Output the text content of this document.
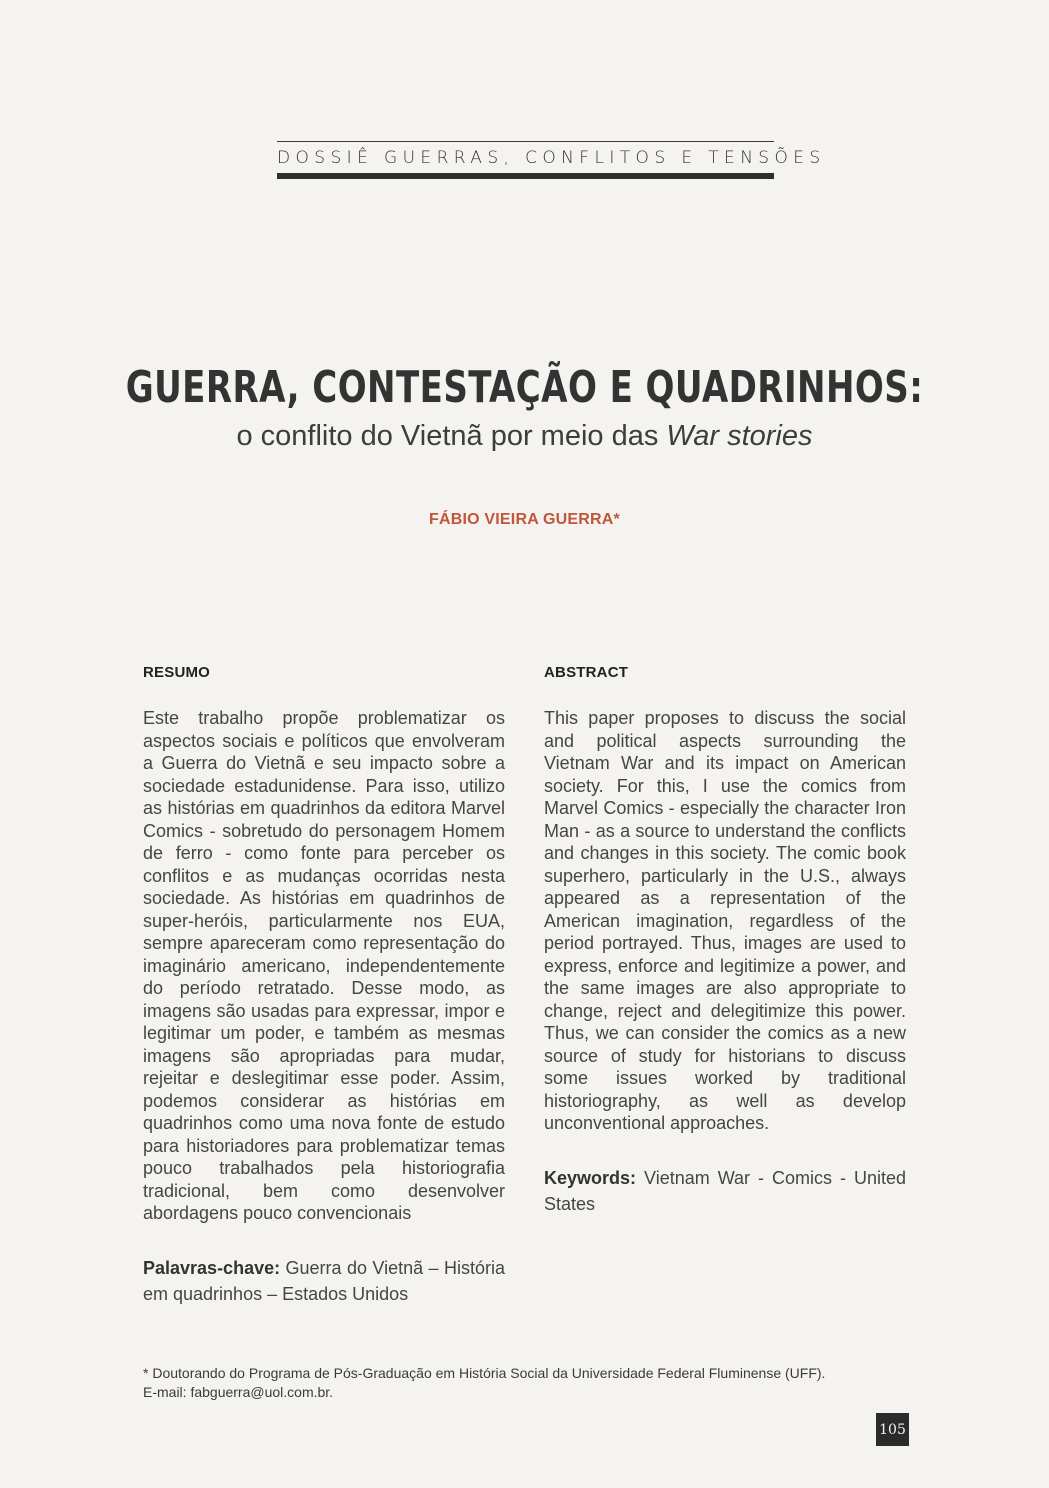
DOSSIÊ GUERRAS, CONFLITOS E TENSÕES
GUERRA, CONTESTAÇÃO E QUADRINHOS:
o conflito do Vietnã por meio das War stories
FÁBIO VIEIRA GUERRA*
RESUMO
Este trabalho propõe problematizar os aspectos sociais e políticos que envolveram a Guerra do Vietnã e seu impacto sobre a sociedade estadunidense. Para isso, utilizo as histórias em quadrinhos da editora Marvel Comics - sobretudo do personagem Homem de ferro - como fonte para perceber os conflitos e as mudanças ocorridas nesta sociedade. As histórias em quadrinhos de super-heróis, particularmente nos EUA, sempre apareceram como representação do imaginário americano, independentemente do período retratado. Desse modo, as imagens são usadas para expressar, impor e legitimar um poder, e também as mesmas imagens são apropriadas para mudar, rejeitar e deslegitimar esse poder. Assim, podemos considerar as histórias em quadrinhos como uma nova fonte de estudo para historiadores para problematizar temas pouco trabalhados pela historiografia tradicional, bem como desenvolver abordagens pouco convencionais
Palavras-chave: Guerra do Vietnã – História em quadrinhos – Estados Unidos
ABSTRACT
This paper proposes to discuss the social and political aspects surrounding the Vietnam War and its impact on American society. For this, I use the comics from Marvel Comics - especially the character Iron Man - as a source to understand the conflicts and changes in this society. The comic book superhero, particularly in the U.S., always appeared as a representation of the American imagination, regardless of the period portrayed. Thus, images are used to express, enforce and legitimize a power, and the same images are also appropriate to change, reject and delegitimize this power. Thus, we can consider the comics as a new source of study for historians to discuss some issues worked by traditional historiography, as well as develop unconventional approaches.
Keywords: Vietnam War - Comics - United States
* Doutorando do Programa de Pós-Graduação em História Social da Universidade Federal Fluminense (UFF).
E-mail: fabguerra@uol.com.br.
105
